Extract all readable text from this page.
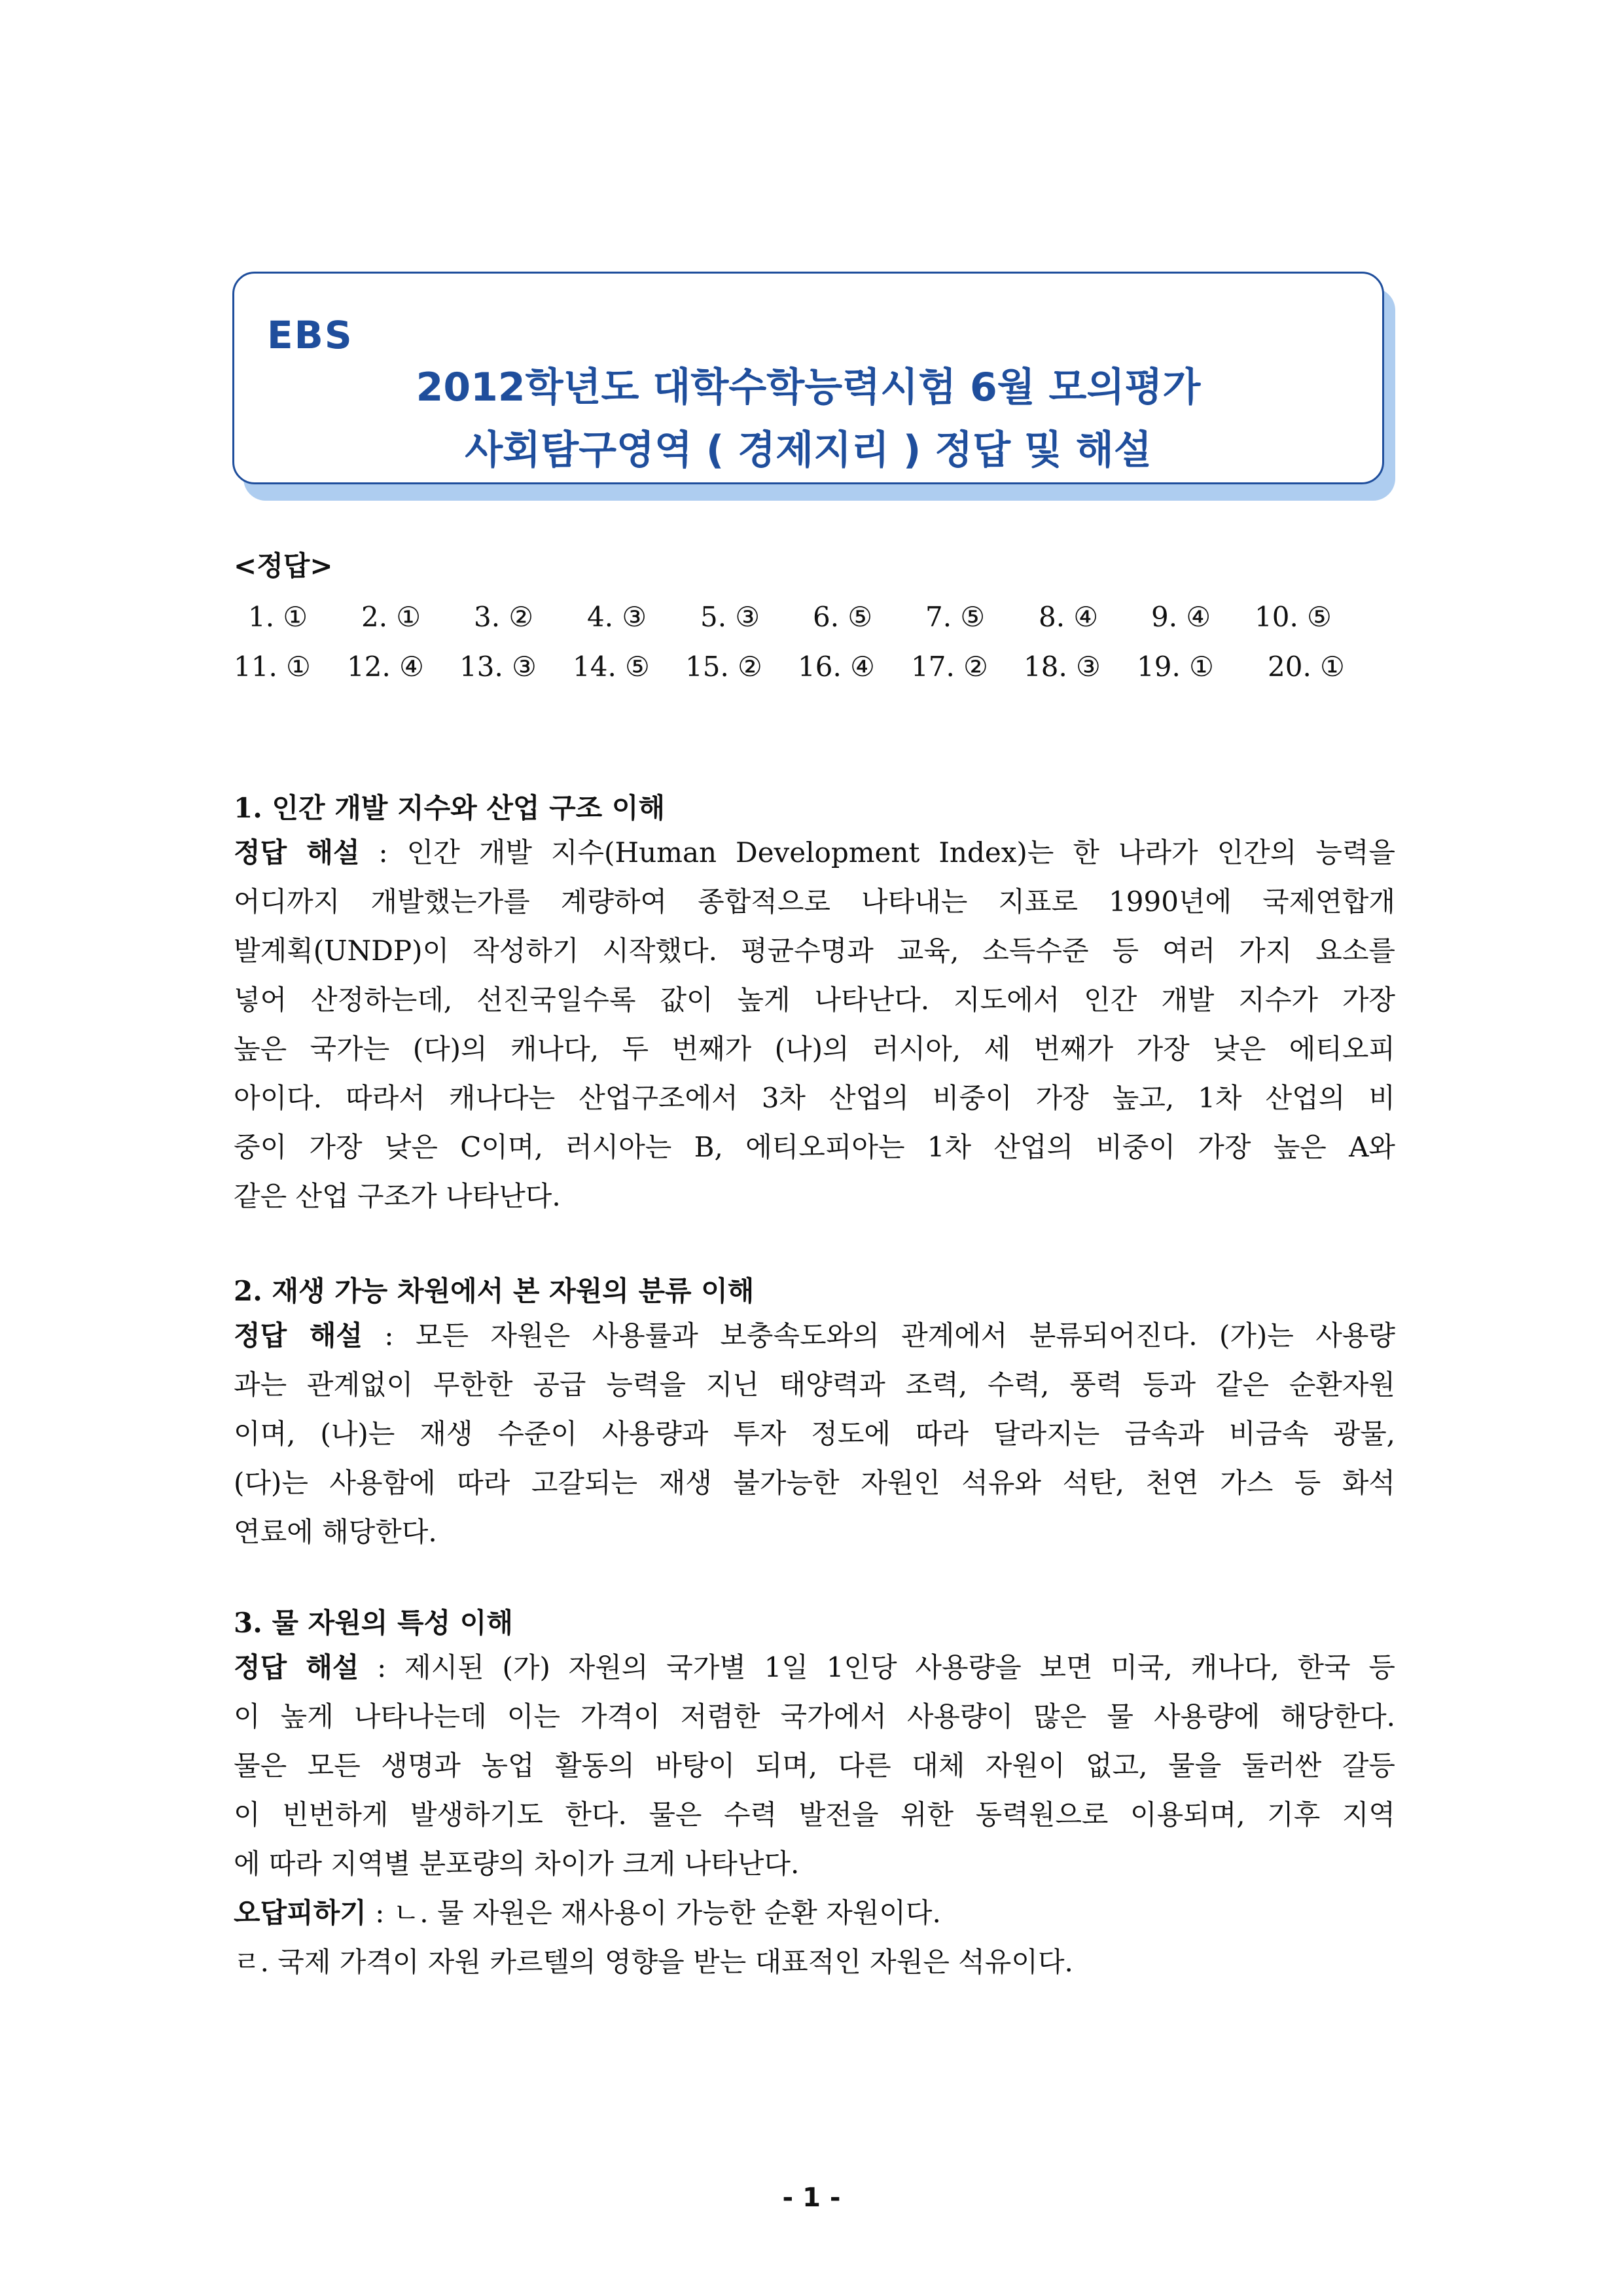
EBS
2012학년도 대학수학능력시험 6월 모의평가
사회탐구영역 ( 경제지리 ) 정답 및 해설
<정답>
1. ① 2. ① 3. ② 4. ③ 5. ③ 6. ⑤ 7. ⑤ 8. ④ 9. ④ 10. ⑤
11. ① 12. ④ 13. ③ 14. ⑤ 15. ② 16. ④ 17. ② 18. ③ 19. ① 20. ①
1. 인간 개발 지수와 산업 구조 이해
정답 해설 : 인간 개발 지수(Human Development Index)는 한 나라가 인간의 능력을
어디까지 개발했는가를 계량하여 종합적으로 나타내는 지표로 1990년에 국제연합개
발계획(UNDP)이 작성하기 시작했다. 평균수명과 교육, 소득수준 등 여러 가지 요소를
넣어 산정하는데, 선진국일수록 값이 높게 나타난다. 지도에서 인간 개발 지수가 가장
높은 국가는 (다)의 캐나다, 두 번째가 (나)의 러시아, 세 번째가 가장 낮은 에티오피
아이다. 따라서 캐나다는 산업구조에서 3차 산업의 비중이 가장 높고, 1차 산업의 비
중이 가장 낮은 C이며, 러시아는 B, 에티오피아는 1차 산업의 비중이 가장 높은 A와
같은 산업 구조가 나타난다.
2. 재생 가능 차원에서 본 자원의 분류 이해
정답 해설 : 모든 자원은 사용률과 보충속도와의 관계에서 분류되어진다. (가)는 사용량
과는 관계없이 무한한 공급 능력을 지닌 태양력과 조력, 수력, 풍력 등과 같은 순환자원
이며, (나)는 재생 수준이 사용량과 투자 정도에 따라 달라지는 금속과 비금속 광물,
(다)는 사용함에 따라 고갈되는 재생 불가능한 자원인 석유와 석탄, 천연 가스 등 화석
연료에 해당한다.
3. 물 자원의 특성 이해
정답 해설 : 제시된 (가) 자원의 국가별 1일 1인당 사용량을 보면 미국, 캐나다, 한국 등
이 높게 나타나는데 이는 가격이 저렴한 국가에서 사용량이 많은 물 사용량에 해당한다.
물은 모든 생명과 농업 활동의 바탕이 되며, 다른 대체 자원이 없고, 물을 둘러싼 갈등
이 빈번하게 발생하기도 한다. 물은 수력 발전을 위한 동력원으로 이용되며, 기후 지역
에 따라 지역별 분포량의 차이가 크게 나타난다.
오답피하기 : ㄴ. 물 자원은 재사용이 가능한 순환 자원이다.
ㄹ. 국제 가격이 자원 카르텔의 영향을 받는 대표적인 자원은 석유이다.
- 1 -
